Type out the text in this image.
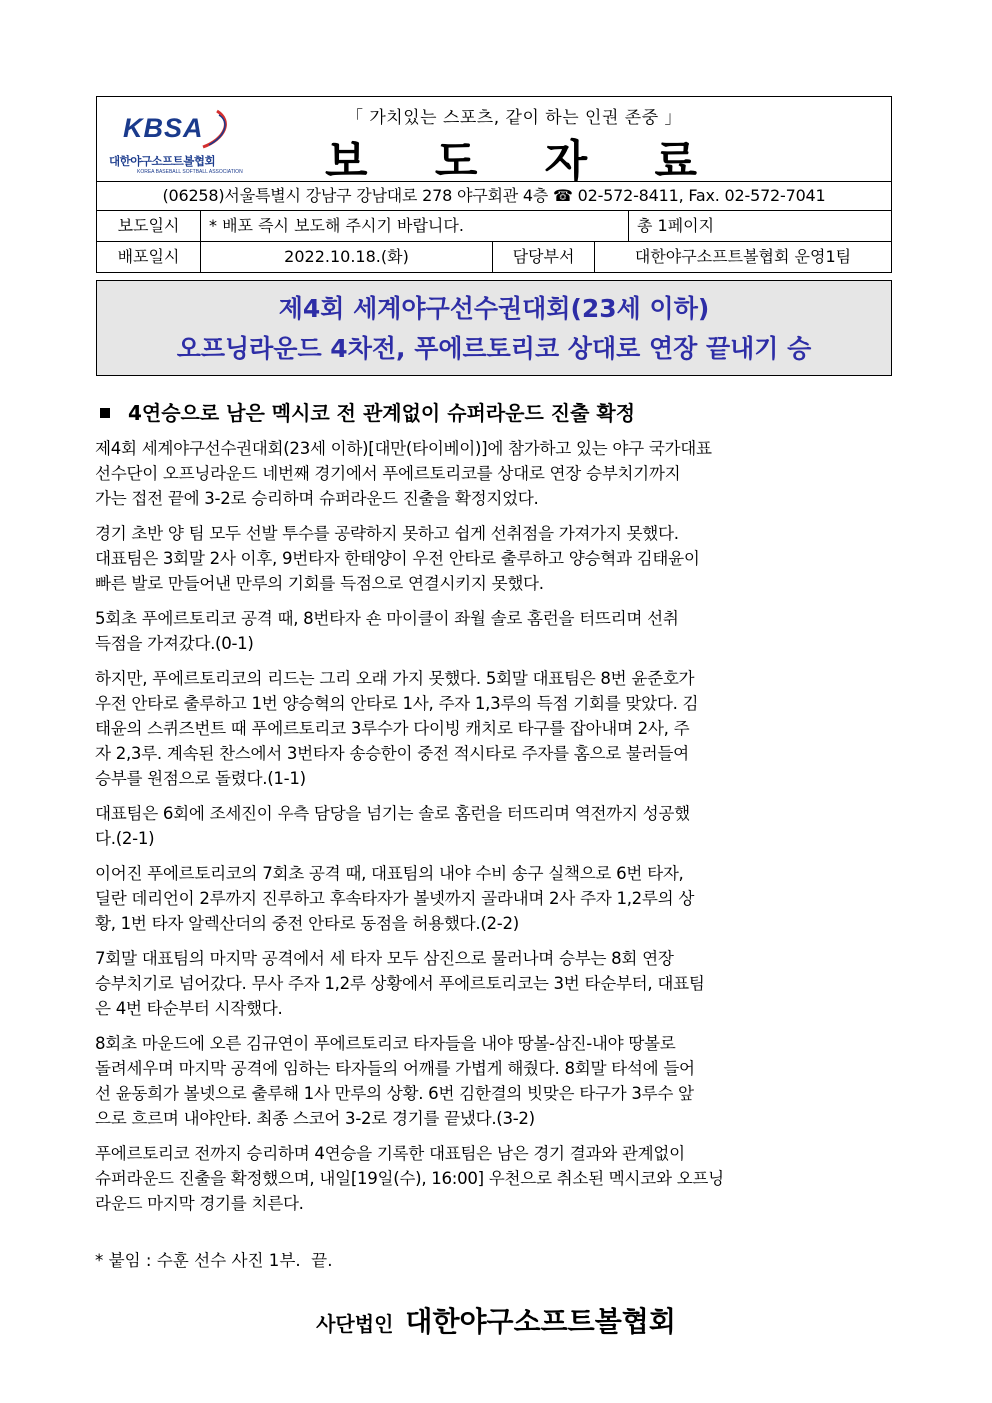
KBSA
대한야구소프트볼협회
KOREA BASEBALL SOFTBALL ASSOCIATION
「 가치있는 스포츠, 같이 하는 인권 존중 」
보 도 자 료
(06258)서울특별시 강남구 강남대로 278 야구회관 4층 ☎ 02-572-8411, Fax. 02-572-7041
보도일시	* 배포 즉시 보도해 주시기 바랍니다.	총 1페이지
배포일시	2022.10.18.(화)	담당부서	대한야구소프트볼협회 운영1팀
제4회 세계야구선수권대회(23세 이하)
오프닝라운드 4차전, 푸에르토리코 상대로 연장 끝내기 승
4연승으로 남은 멕시코 전 관계없이 슈퍼라운드 진출 확정

제4회 세계야구선수권대회(23세 이하)[대만(타이베이)]에 참가하고 있는 야구 국가대표
선수단이 오프닝라운드 네번째 경기에서 푸에르토리코를 상대로 연장 승부치기까지
가는 접전 끝에 3-2로 승리하며 슈퍼라운드 진출을 확정지었다.

경기 초반 양 팀 모두 선발 투수를 공략하지 못하고 쉽게 선취점을 가져가지 못했다.
대표팀은 3회말 2사 이후, 9번타자 한태양이 우전 안타로 출루하고 양승혁과 김태윤이
빠른 발로 만들어낸 만루의 기회를 득점으로 연결시키지 못했다.

5회초 푸에르토리코 공격 때, 8번타자 숀 마이클이 좌월 솔로 홈런을 터뜨리며 선취
득점을 가져갔다.(0-1)

하지만, 푸에르토리코의 리드는 그리 오래 가지 못했다. 5회말 대표팀은 8번 윤준호가
우전 안타로 출루하고 1번 양승혁의 안타로 1사, 주자 1,3루의 득점 기회를 맞았다. 김
태윤의 스퀴즈번트 때 푸에르토리코 3루수가 다이빙 캐치로 타구를 잡아내며 2사, 주
자 2,3루. 계속된 찬스에서 3번타자 송승한이 중전 적시타로 주자를 홈으로 불러들여
승부를 원점으로 돌렸다.(1-1)

대표팀은 6회에 조세진이 우측 담당을 넘기는 솔로 홈런을 터뜨리며 역전까지 성공했
다.(2-1)

이어진 푸에르토리코의 7회초 공격 때, 대표팀의 내야 수비 송구 실책으로 6번 타자,
딜란 데리언이 2루까지 진루하고 후속타자가 볼넷까지 골라내며 2사 주자 1,2루의 상
황, 1번 타자 알렉산더의 중전 안타로 동점을 허용했다.(2-2)

7회말 대표팀의 마지막 공격에서 세 타자 모두 삼진으로 물러나며 승부는 8회 연장
승부치기로 넘어갔다. 무사 주자 1,2루 상황에서 푸에르토리코는 3번 타순부터, 대표팀
은 4번 타순부터 시작했다.

8회초 마운드에 오른 김규연이 푸에르토리코 타자들을 내야 땅볼-삼진-내야 땅볼로
돌려세우며 마지막 공격에 임하는 타자들의 어깨를 가볍게 해줬다. 8회말 타석에 들어
선 윤동희가 볼넷으로 출루해 1사 만루의 상황. 6번 김한결의 빗맞은 타구가 3루수 앞
으로 흐르며 내야안타. 최종 스코어 3-2로 경기를 끝냈다.(3-2)

푸에르토리코 전까지 승리하며 4연승을 기록한 대표팀은 남은 경기 결과와 관계없이
슈퍼라운드 진출을 확정했으며, 내일[19일(수), 16:00] 우천으로 취소된 멕시코와 오프닝
라운드 마지막 경기를 치른다.

* 붙임 : 수훈 선수 사진 1부.  끝.
사단법인 대한야구소프트볼협회
